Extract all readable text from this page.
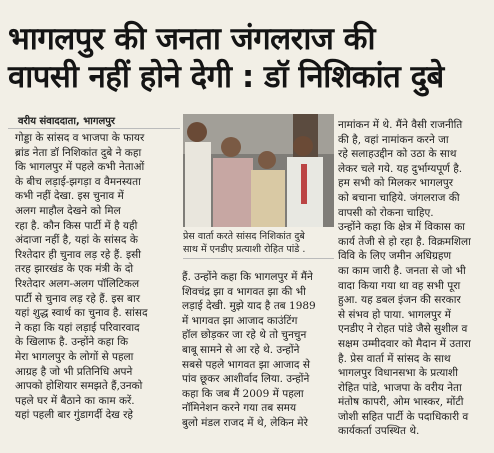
भागलपुर की जनता जंगलराज की
वापसी नहीं होने देगी : डॉ निशिकांत दुबे
वरीय संवाददाता, भागलपुर
गोड्डा के सांसद व भाजपा के फायर
ब्रांड नेता डॉ निशिकांत दुबे ने कहा
कि भागलपुर में पहले कभी नेताओं
के बीच लड़ाई-झगड़ा व वैमनस्यता
कभी नहीं देखा. इस चुनाव में
अलग माहौल देखने को मिल
रहा है. कौन किस पार्टी में है यही
अंदाजा नहीं है, यहां के सांसद के
रिश्तेदार ही चुनाव लड़ रहे हैं. इसी
तरह झारखंड के एक मंत्री के दो
रिश्तेदार अलग-अलग पॉलिटिकल
पार्टी से चुनाव लड़ रहे हैं. इस बार
यहां शुद्ध स्वार्थ का चुनाव है. सांसद
ने कहा कि यहां लड़ाई परिवारवाद
के खिलाफ है. उन्होंने कहा कि
मेरा भागलपुर के लोगों से पहला
आग्रह है जो भी प्रतिनिधि अपने
आपको होशियार समझते हैं,उनको
पहले घर में बैठाने का काम करें.
यहां पहली बार गुंडागर्दी देख रहे
प्रेस वार्ता करते सांसद निशिकांत दुबे
साथ में एनडीए प्रत्याशी रोहित पांडे .
हैं. उन्होंने कहा कि भागलपुर में मैंने
शिवचंद्र झा व भागवत झा की भी
लड़ाई देखी. मुझे याद है तब 1989
में भागवत झा आजाद काउंटिंग
हॉल छोड़कर जा रहे थे तो चुनचुन
बाबू सामने से आ रहे थे. उन्होंने
सबसे पहले भागवत झा आजाद से
पांव छूकर आशीर्वाद लिया. उन्होंने
कहा कि जब मैं 2009 में पहला
नॉमिनेशन करने गया तब समय
बुलो मंडल राजद में थे, लेकिन मेरे
नामांकन में थे. मैंने वैसी राजनीति
की है, वहां नामांकन करने जा
रहे सलाहउद्दीन को उठा के साथ
लेकर चले गये. यह दुर्भाग्यपूर्ण है.
हम सभी को मिलकर भागलपुर
को बचाना चाहिये. जंगलराज की
वापसी को रोकना चाहिए.
उन्होंने कहा कि क्षेत्र में विकास का
कार्य तेजी से हो रहा है. विक्रमशिला
विवि के लिए जमीन अधिग्रहण
का काम जारी है. जनता से जो भी
वादा किया गया था वह सभी पूरा
हुआ. यह डबल इंजन की सरकार
से संभव हो पाया. भागलपुर में
एनडीए ने रोहत पांडे जैसे सुशील व
सक्षम उम्मीदवार को मैदान में उतारा
है. प्रेस वार्ता में सांसद के साथ
भागलपुर विधानसभा के प्रत्याशी
रोहित पांडे, भाजपा के वरीय नेता
मंतोष कापरी, ओम भास्कर, मोंटी
जोशी सहित पार्टी के पदाधिकारी व
कार्यकर्ता उपस्थित थे.
